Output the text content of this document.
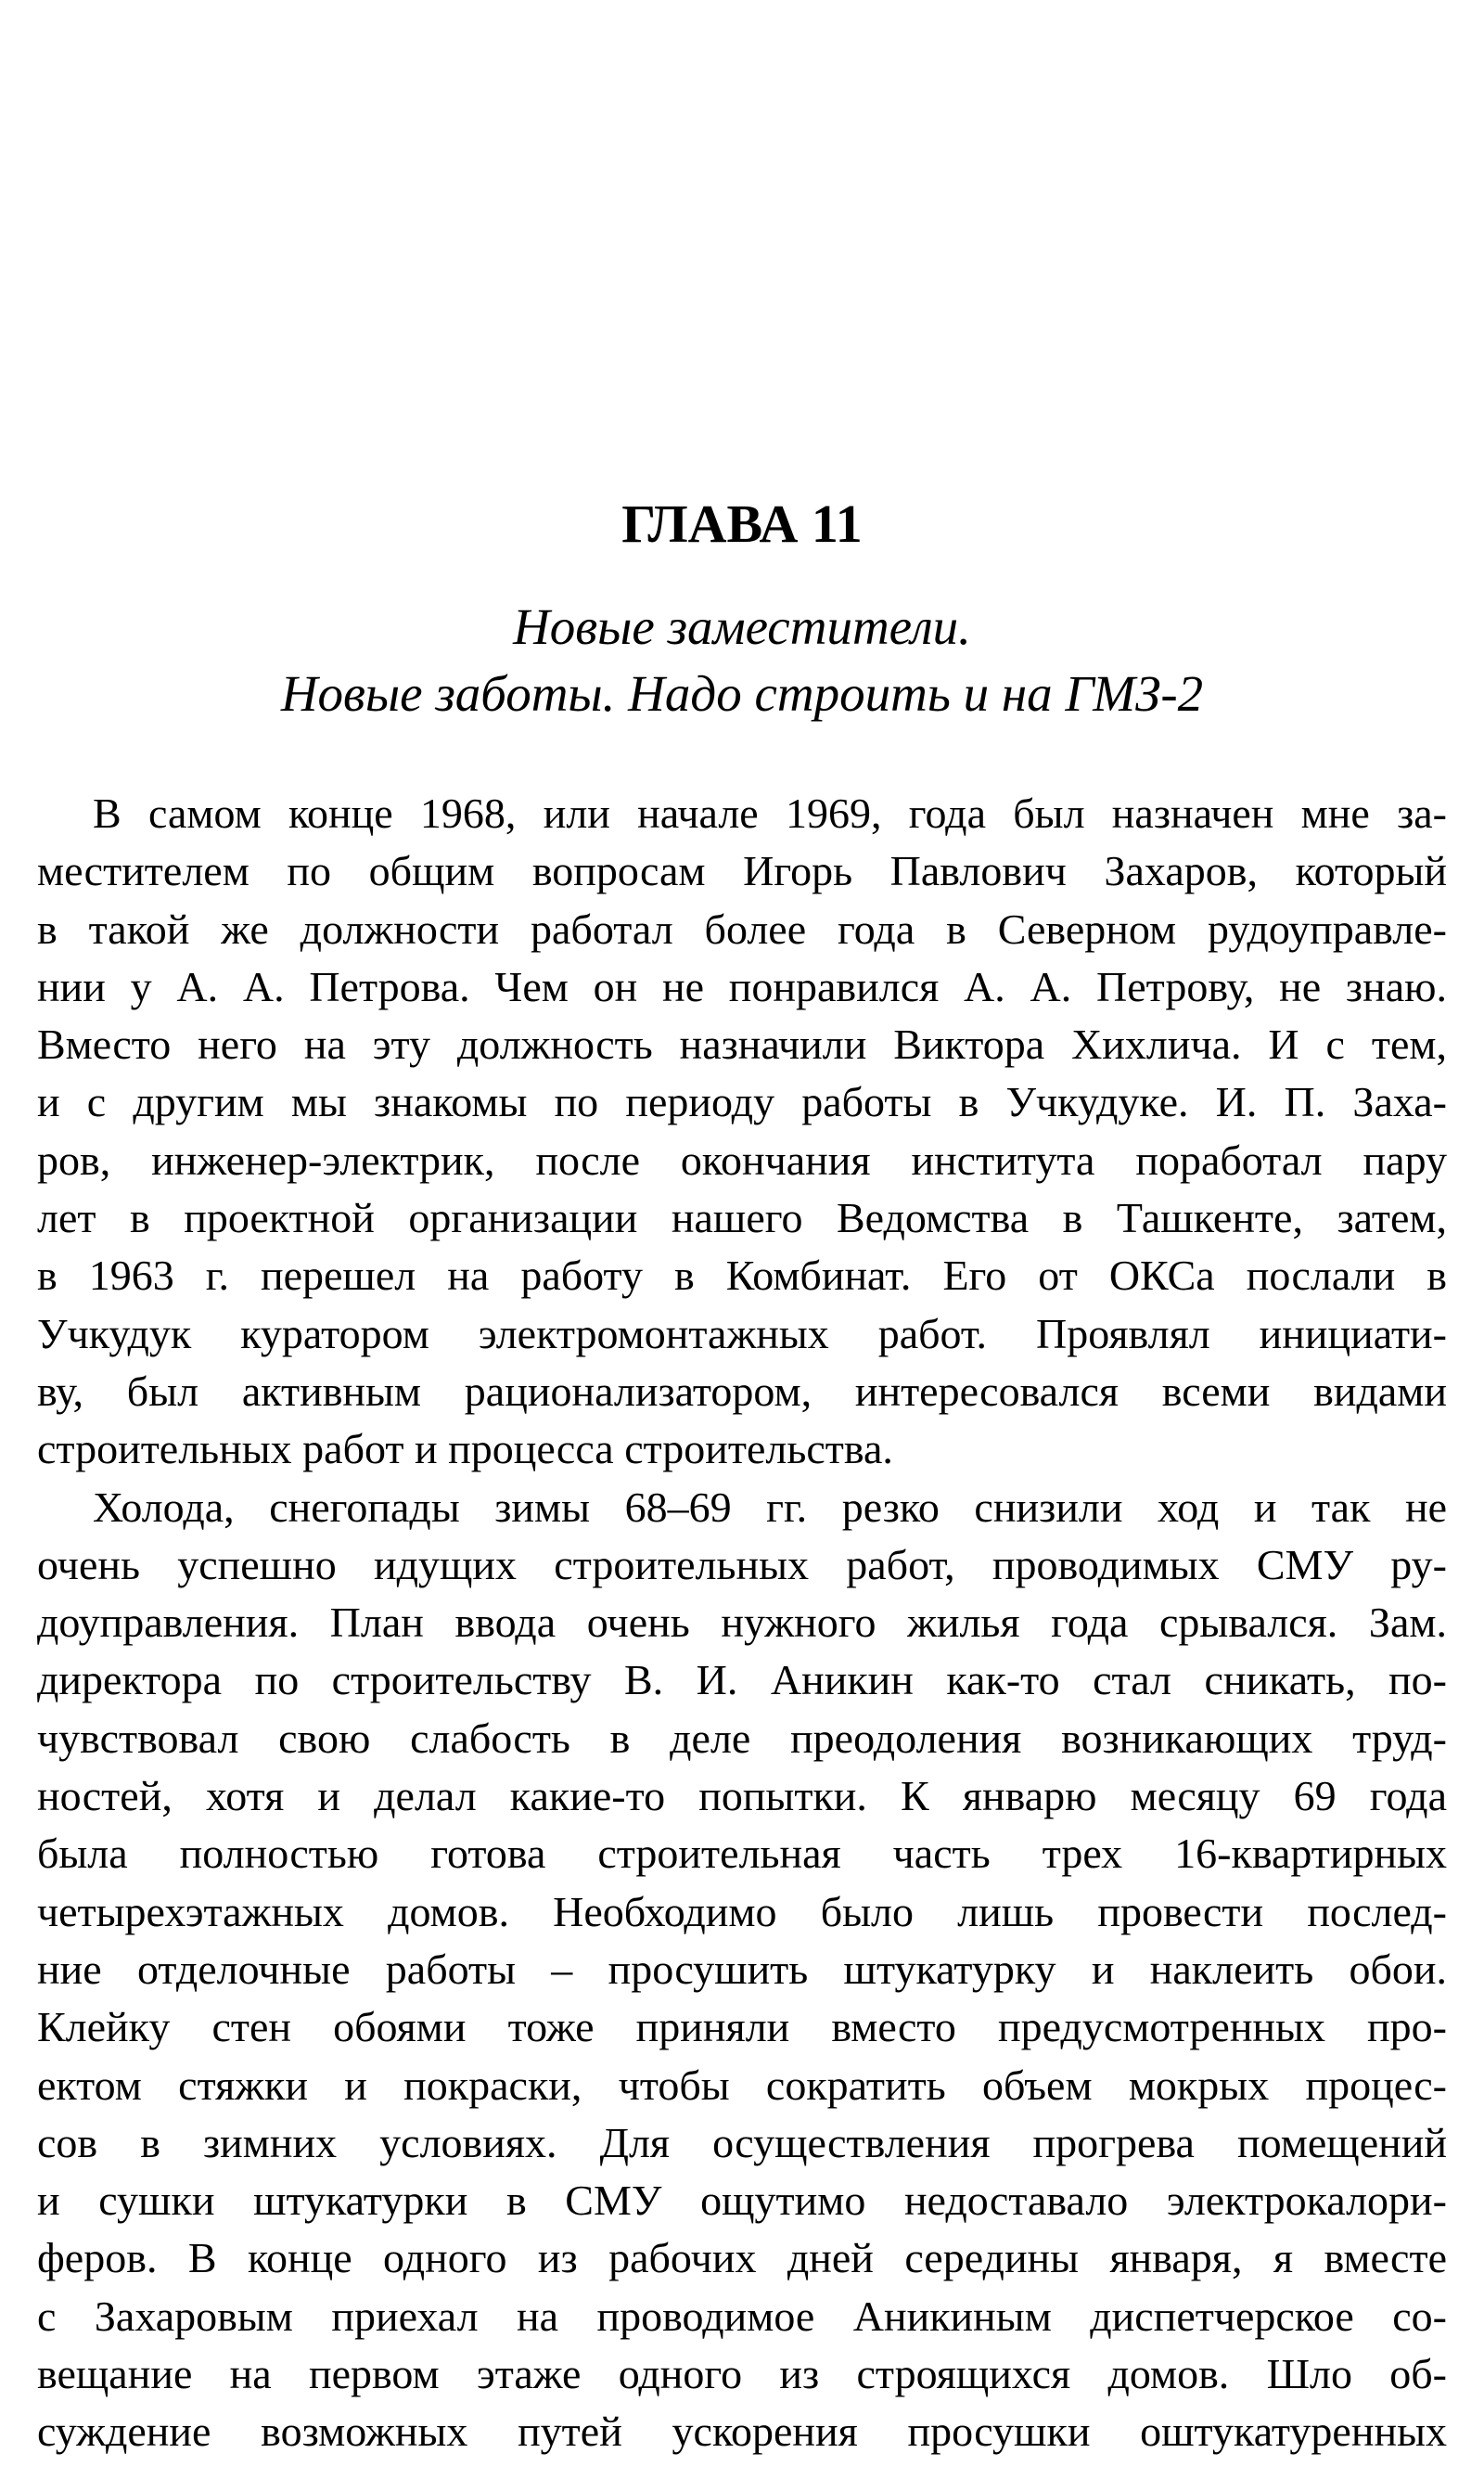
ГЛАВА 11
Новые заместители.
Новые заботы. Надо строить и на ГМЗ-2
В самом конце 1968, или начале 1969, года был назначен мне за-
местителем по общим вопросам Игорь Павлович Захаров, который
в такой же должности работал более года в Северном рудоуправле-
нии у А. А. Петрова. Чем он не понравился А. А. Петрову, не знаю.
Вместо него на эту должность назначили Виктора Хихлича. И с тем,
и с другим мы знакомы по периоду работы в Учкудуке. И. П. Заха-
ров, инженер-электрик, после окончания института поработал пару
лет в проектной организации нашего Ведомства в Ташкенте, затем,
в 1963 г. перешел на работу в Комбинат. Его от ОКСа послали в
Учкудук куратором электромонтажных работ. Проявлял инициати-
ву, был активным рационализатором, интересовался всеми видами
строительных работ и процесса строительства.
Холода, снегопады зимы 68–69 гг. резко снизили ход и так не
очень успешно идущих строительных работ, проводимых СМУ ру-
доуправления. План ввода очень нужного жилья года срывался. Зам.
директора по строительству В. И. Аникин как-то стал сникать, по-
чувствовал свою слабость в деле преодоления возникающих труд-
ностей, хотя и делал какие-то попытки. К январю месяцу 69 года
была полностью готова строительная часть трех 16-квартирных
четырехэтажных домов. Необходимо было лишь провести послед-
ние отделочные работы – просушить штукатурку и наклеить обои.
Клейку стен обоями тоже приняли вместо предусмотренных про-
ектом стяжки и покраски, чтобы сократить объем мокрых процес-
сов в зимних условиях. Для осуществления прогрева помещений
и сушки штукатурки в СМУ ощутимо недоставало электрокалори-
феров. В конце одного из рабочих дней середины января, я вместе
с Захаровым приехал на проводимое Аникиным диспетчерское со-
вещание на первом этаже одного из строящихся домов. Шло об-
суждение возможных путей ускорения просушки оштукатуренных
